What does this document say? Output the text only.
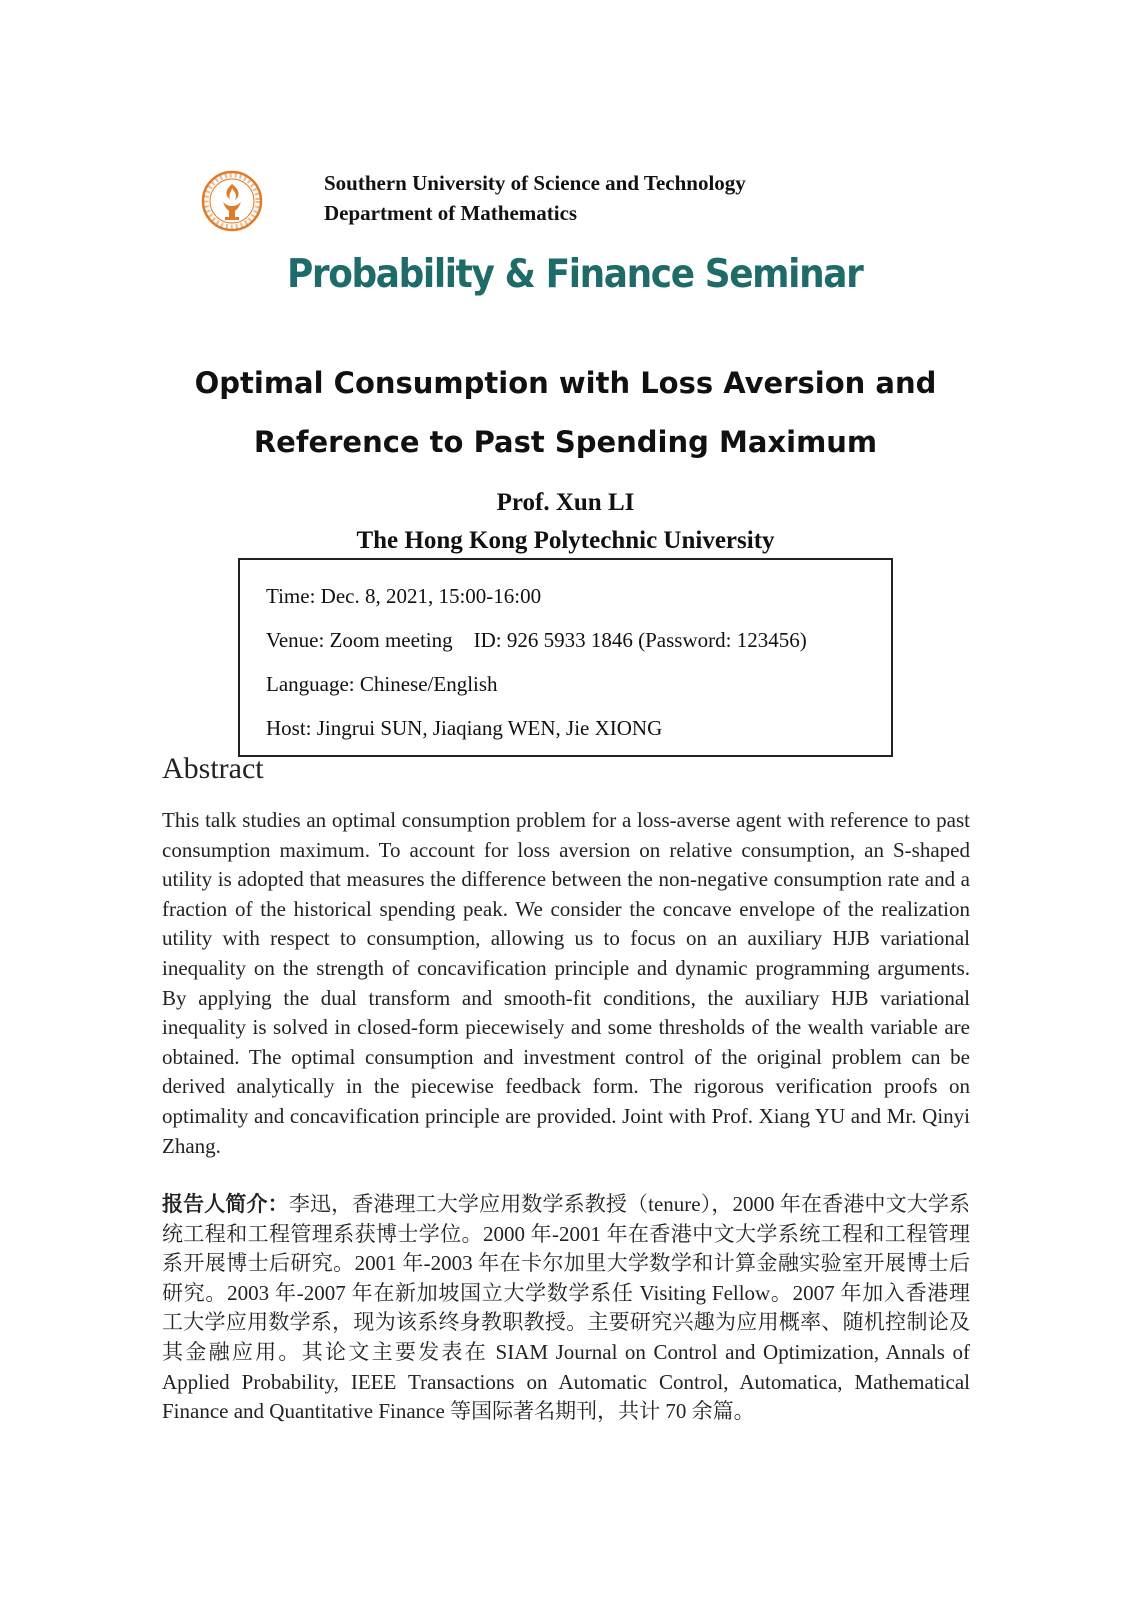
Southern University of Science and Technology
Department of Mathematics
Probability & Finance Seminar
Optimal Consumption with Loss Aversion and
Reference to Past Spending Maximum
Prof. Xun LI
The Hong Kong Polytechnic University
Time: Dec. 8, 2021, 15:00-16:00
Venue: Zoom meeting    ID: 926 5933 1846 (Password: 123456)
Language: Chinese/English
Host: Jingrui SUN, Jiaqiang WEN, Jie XIONG
Abstract
This talk studies an optimal consumption problem for a loss-averse agent with reference to past consumption maximum. To account for loss aversion on relative consumption, an S-shaped utility is adopted that measures the difference between the non-negative consumption rate and a fraction of the historical spending peak. We consider the concave envelope of the realization utility with respect to consumption, allowing us to focus on an auxiliary HJB variational inequality on the strength of concavification principle and dynamic programming arguments. By applying the dual transform and smooth-fit conditions, the auxiliary HJB variational inequality is solved in closed-form piecewisely and some thresholds of the wealth variable are obtained. The optimal consumption and investment control of the original problem can be derived analytically in the piecewise feedback form. The rigorous verification proofs on optimality and concavification principle are provided. Joint with Prof. Xiang YU and Mr. Qinyi Zhang.
报告人简介：李迅，香港理工大学应用数学系教授（tenure），2000 年在香港中文大学系统工程和工程管理系获博士学位。2000 年-2001 年在香港中文大学系统工程和工程管理系开展博士后研究。2001 年-2003 年在卡尔加里大学数学和计算金融实验室开展博士后研究。2003 年-2007 年在新加坡国立大学数学系任 Visiting Fellow。2007 年加入香港理工大学应用数学系，现为该系终身教职教授。主要研究兴趣为应用概率、随机控制论及其金融应用。其论文主要发表在 SIAM Journal on Control and Optimization, Annals of Applied Probability, IEEE Transactions on Automatic Control, Automatica, Mathematical Finance and Quantitative Finance 等国际著名期刊，共计 70 余篇。
